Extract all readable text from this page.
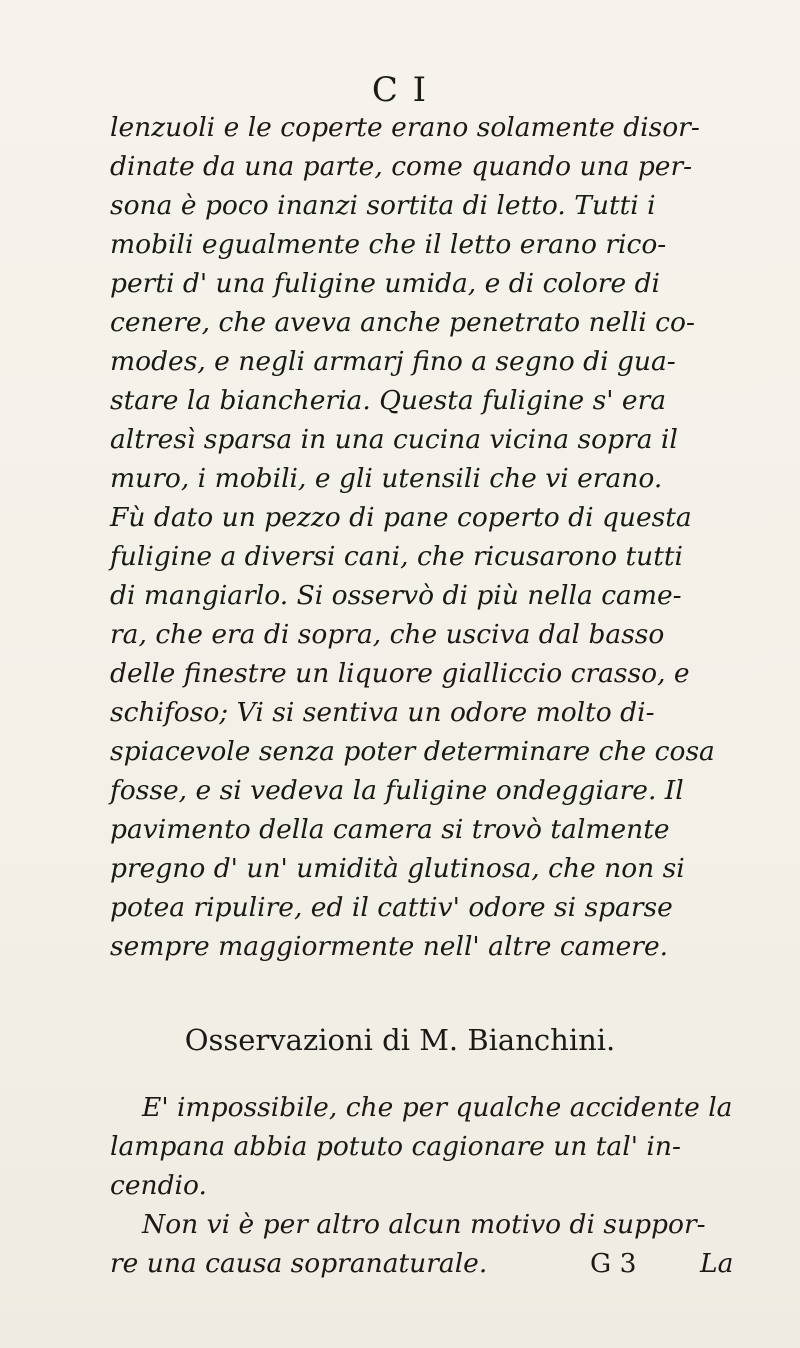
C I
lenzuoli e le coperte erano solamente disor-
dinate da una parte, come quando una per-
sona è poco inanzi sortita di letto. Tutti i
mobili egualmente che il letto erano rico-
perti d' una fuligine umida, e di colore di
cenere, che aveva anche penetrato nelli co-
modes, e negli armarj fino a segno di gua-
stare la biancheria. Questa fuligine s' era
altresì sparsa in una cucina vicina sopra il
muro, i mobili, e gli utensili che vi erano.
Fù dato un pezzo di pane coperto di questa
fuligine a diversi cani, che ricusarono tutti
di mangiarlo. Si osservò di più nella came-
ra, che era di sopra, che usciva dal basso
delle finestre un liquore gialliccio crasso, e
schifoso; Vi si sentiva un odore molto di-
spiacevole senza poter determinare che cosa
fosse, e si vedeva la fuligine ondeggiare. Il
pavimento della camera si trovò talmente
pregno d' un' umidità glutinosa, che non si
potea ripulire, ed il cattiv' odore si sparse
sempre maggiormente nell' altre camere.
Osservazioni di M. Bianchini.
E' impossibile, che per qualche accidente la
lampana abbia potuto cagionare un tal' in-
cendio.
Non vi è per altro alcun motivo di suppor-
re una causa sopranaturale.	G 3 La
